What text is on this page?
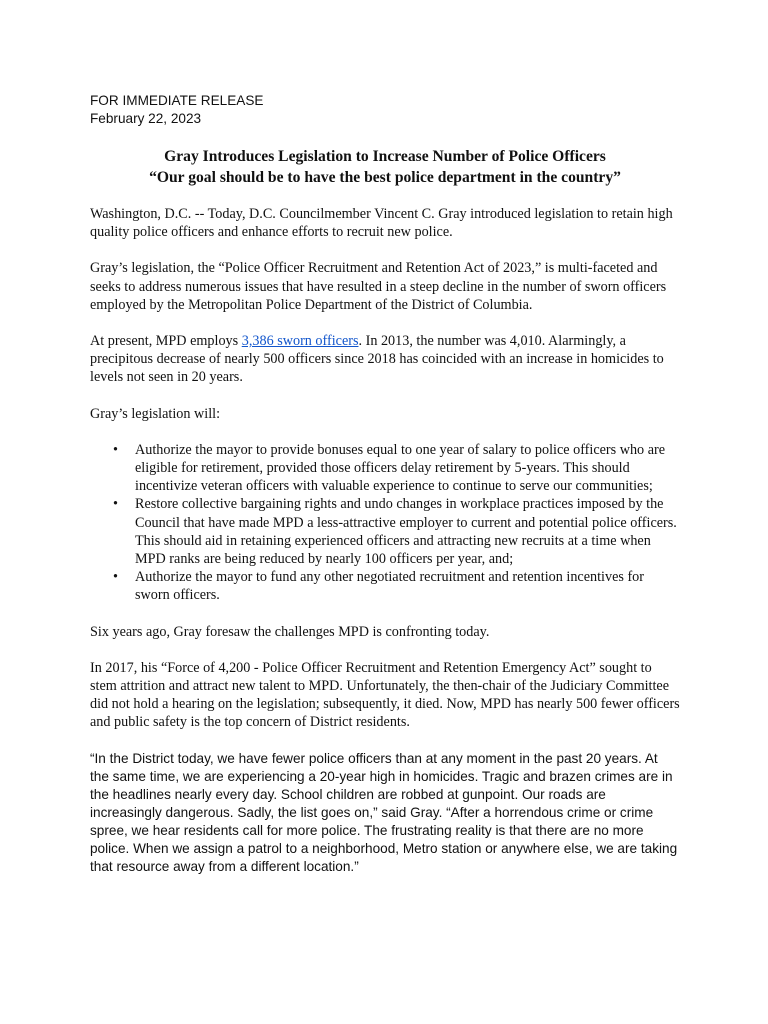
FOR IMMEDIATE RELEASE
February 22, 2023
Gray Introduces Legislation to Increase Number of Police Officers
“Our goal should be to have the best police department in the country”

Washington, D.C. -- Today, D.C. Councilmember Vincent C. Gray introduced legislation to retain high quality police officers and enhance efforts to recruit new police.

Gray’s legislation, the “Police Officer Recruitment and Retention Act of 2023,” is multi-faceted and seeks to address numerous issues that have resulted in a steep decline in the number of sworn officers employed by the Metropolitan Police Department of the District of Columbia.

At present, MPD employs 3,386 sworn officers. In 2013, the number was 4,010. Alarmingly, a precipitous decrease of nearly 500 officers since 2018 has coincided with an increase in homicides to levels not seen in 20 years.

Gray’s legislation will:

• Authorize the mayor to provide bonuses equal to one year of salary to police officers who are eligible for retirement, provided those officers delay retirement by 5-years. This should incentivize veteran officers with valuable experience to continue to serve our communities;
• Restore collective bargaining rights and undo changes in workplace practices imposed by the Council that have made MPD a less-attractive employer to current and potential police officers. This should aid in retaining experienced officers and attracting new recruits at a time when MPD ranks are being reduced by nearly 100 officers per year, and;
• Authorize the mayor to fund any other negotiated recruitment and retention incentives for sworn officers.

Six years ago, Gray foresaw the challenges MPD is confronting today.

In 2017, his “Force of 4,200 - Police Officer Recruitment and Retention Emergency Act” sought to stem attrition and attract new talent to MPD. Unfortunately, the then-chair of the Judiciary Committee did not hold a hearing on the legislation; subsequently, it died. Now, MPD has nearly 500 fewer officers and public safety is the top concern of District residents.

“In the District today, we have fewer police officers than at any moment in the past 20 years. At the same time, we are experiencing a 20-year high in homicides. Tragic and brazen crimes are in the headlines nearly every day. School children are robbed at gunpoint. Our roads are increasingly dangerous. Sadly, the list goes on,” said Gray. “After a horrendous crime or crime spree, we hear residents call for more police. The frustrating reality is that there are no more police. When we assign a patrol to a neighborhood, Metro station or anywhere else, we are taking that resource away from a different location.”
